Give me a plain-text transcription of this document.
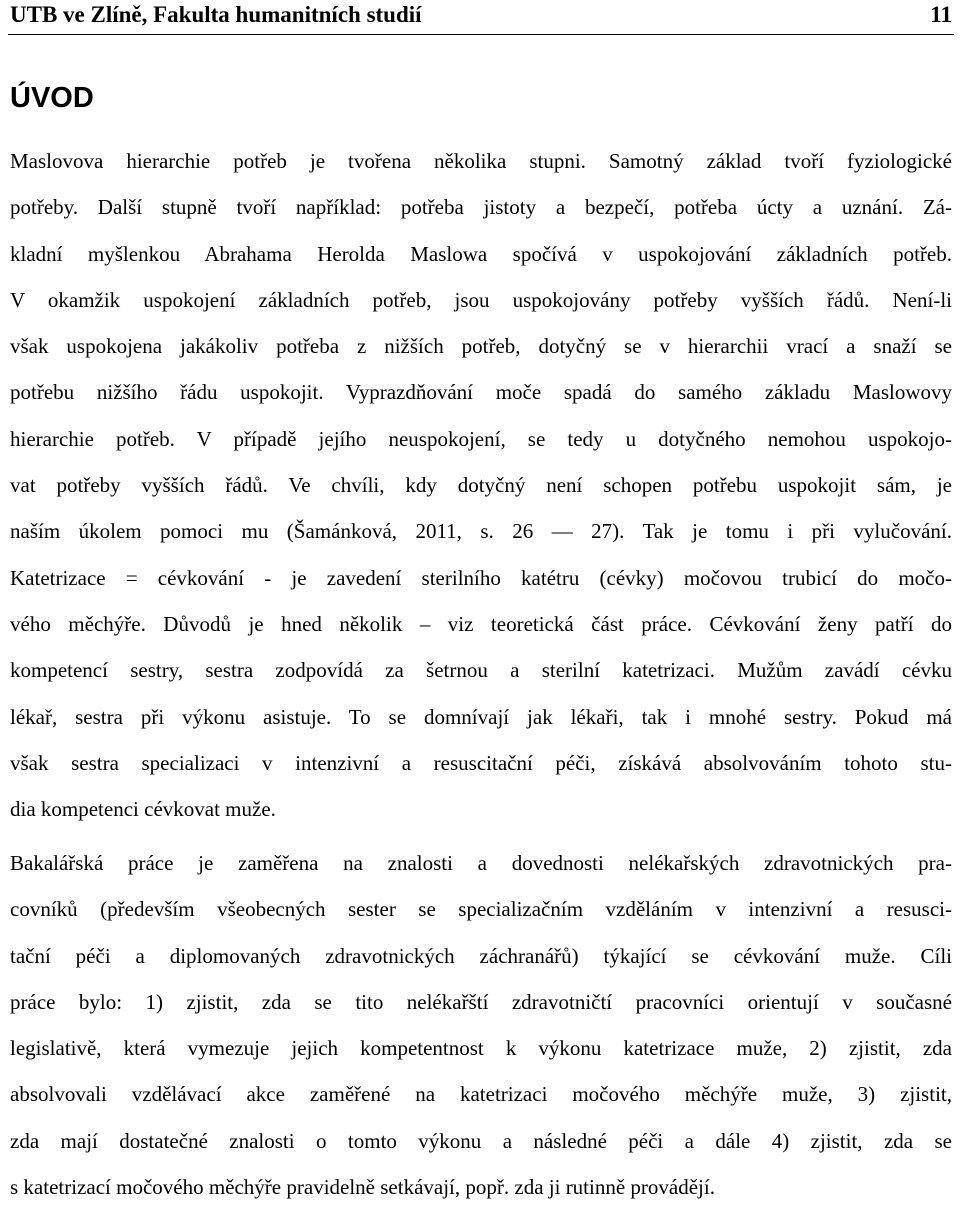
UTB ve Zlíně, Fakulta humanitních studií	11
ÚVOD
Maslovova hierarchie potřeb je tvořena několika stupni. Samotný základ tvoří fyziologické
potřeby. Další stupně tvoří například: potřeba jistoty a bezpečí, potřeba úcty a uznání. Zá-
kladní myšlenkou Abrahama Herolda Maslowa spočívá v uspokojování základních potřeb.
V okamžik uspokojení základních potřeb, jsou uspokojovány potřeby vyšších řádů. Není-li
však uspokojena jakákoliv potřeba z nižších potřeb, dotyčný se v hierarchii vrací a snaží se
potřebu nižšího řádu uspokojit. Vyprazdňování moče spadá do samého základu Maslowovy
hierarchie potřeb. V případě jejího neuspokojení, se tedy u dotyčného nemohou uspokojo-
vat potřeby vyšších řádů. Ve chvíli, kdy dotyčný není schopen potřebu uspokojit sám, je
naším úkolem pomoci mu (Šamánková, 2011, s. 26 — 27). Tak je tomu i při vylučování.
Katetrizace = cévkování - je zavedení sterilního katétru (cévky) močovou trubicí do močo-
vého měchýře. Důvodů je hned několik – viz teoretická část práce. Cévkování ženy patří do
kompetencí sestry, sestra zodpovídá za šetrnou a sterilní katetrizaci. Mužům zavádí cévku
lékař, sestra při výkonu asistuje. To se domnívají jak lékaři, tak i mnohé sestry. Pokud má
však sestra specializaci v intenzivní a resuscitační péči, získává absolvováním tohoto stu-
dia kompetenci cévkovat muže.
Bakalářská práce je zaměřena na znalosti a dovednosti nelékařských zdravotnických pra-
covníků (především všeobecných sester se specializačním vzděláním v intenzivní a resusci-
tační péči a diplomovaných zdravotnických záchranářů) týkající se cévkování muže. Cíli
práce bylo: 1) zjistit, zda se tito nelékařští zdravotničtí pracovníci orientují v současné
legislativě, která vymezuje jejich kompetentnost k výkonu katetrizace muže, 2) zjistit, zda
absolvovali vzdělávací akce zaměřené na katetrizaci močového měchýře muže, 3) zjistit,
zda mají dostatečné znalosti o tomto výkonu a následné péči a dále 4) zjistit, zda se
s katetrizací močového měchýře pravidelně setkávají, popř. zda ji rutinně provádějí.
